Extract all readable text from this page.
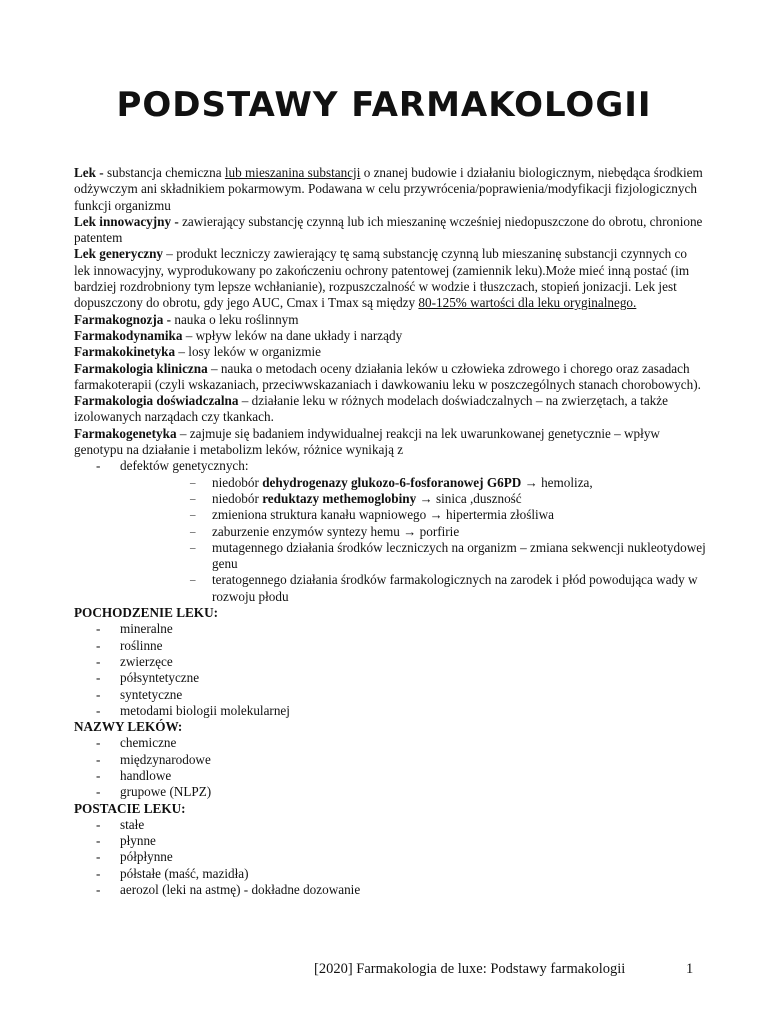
PODSTAWY FARMAKOLOGII

Lek - substancja chemiczna lub mieszanina substancji o znanej budowie i działaniu biologicznym, niebędąca środkiem odżywczym ani składnikiem pokarmowym. Podawana w celu przywrócenia/poprawienia/modyfikacji fizjologicznych funkcji organizmu

Lek innowacyjny - zawierający substancję czynną lub ich mieszaninę wcześniej niedopuszczone do obrotu, chronione patentem

Lek generyczny – produkt leczniczy zawierający tę samą substancję czynną lub mieszaninę substancji czynnych co lek innowacyjny, wyprodukowany po zakończeniu ochrony patentowej (zamiennik leku).Może mieć inną postać (im bardziej rozdrobniony tym lepsze wchłanianie), rozpuszczalność w wodzie i tłuszczach, stopień jonizacji. Lek jest dopuszczony do obrotu, gdy jego AUC, Cmax i Tmax są między 80-125% wartości dla leku oryginalnego.

Farmakognozja - nauka o leku roślinnym

Farmakodynamika – wpływ leków na dane układy i narządy

Farmakokinetyka – losy leków w organizmie

Farmakologia kliniczna – nauka o metodach oceny działania leków u człowieka zdrowego i chorego oraz zasadach farmakoterapii (czyli wskazaniach, przeciwwskazaniach i dawkowaniu leku w poszczególnych stanach chorobowych).

Farmakologia doświadczalna – działanie leku w różnych modelach doświadczalnych – na zwierzętach, a także izolowanych narządach czy tkankach.

Farmakogenetyka – zajmuje się badaniem indywidualnej reakcji na lek uwarunkowanej genetycznie – wpływ

genotypu na działanie i metabolizm leków, różnice wynikają z

- defektów genetycznych:
– niedobór dehydrogenazy glukozo-6-fosforanowej G6PD → hemoliza,
– niedobór reduktazy methemoglobiny → sinica ,duszność
– zmieniona struktura kanału wapniowego → hipertermia złośliwa
– zaburzenie enzymów syntezy hemu → porfirie
– mutagennego działania środków leczniczych na organizm – zmiana sekwencji nukleotydowej genu
– teratogennego działania środków farmakologicznych na zarodek i płód powodująca wady w rozwoju płodu

POCHODZENIE LEKU:

- mineralne
- roślinne
- zwierzęce
- półsyntetyczne
- syntetyczne
- metodami biologii molekularnej

NAZWY LEKÓW:

- chemiczne
- międzynarodowe
- handlowe
- grupowe (NLPZ)

POSTACIE LEKU:

- stałe
- płynne
- półpłynne
- półstałe (maść, mazidła)
- aerozol (leki na astmę) - dokładne dozowanie
[2020] Farmakologia de luxe: Podstawy farmakologii	1
